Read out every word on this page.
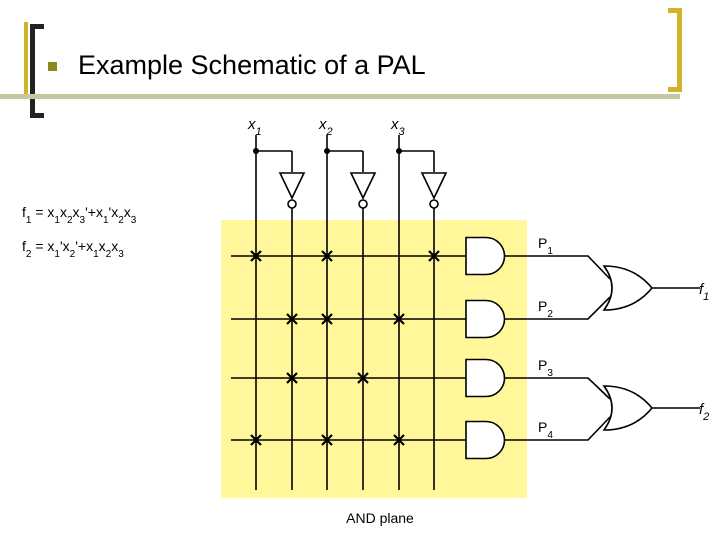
Example Schematic of a PAL
$x_1$	$x_2$	$x_3$
$P_1$
$P_2$
$P_3$
$P_4$
$f_1$
$f_2$
AND plane
$f_1 = x_1x_2x_3'+x_1'x_2x_3$
$f_2 = x_1'x_2'+x_1x_2x_3$
